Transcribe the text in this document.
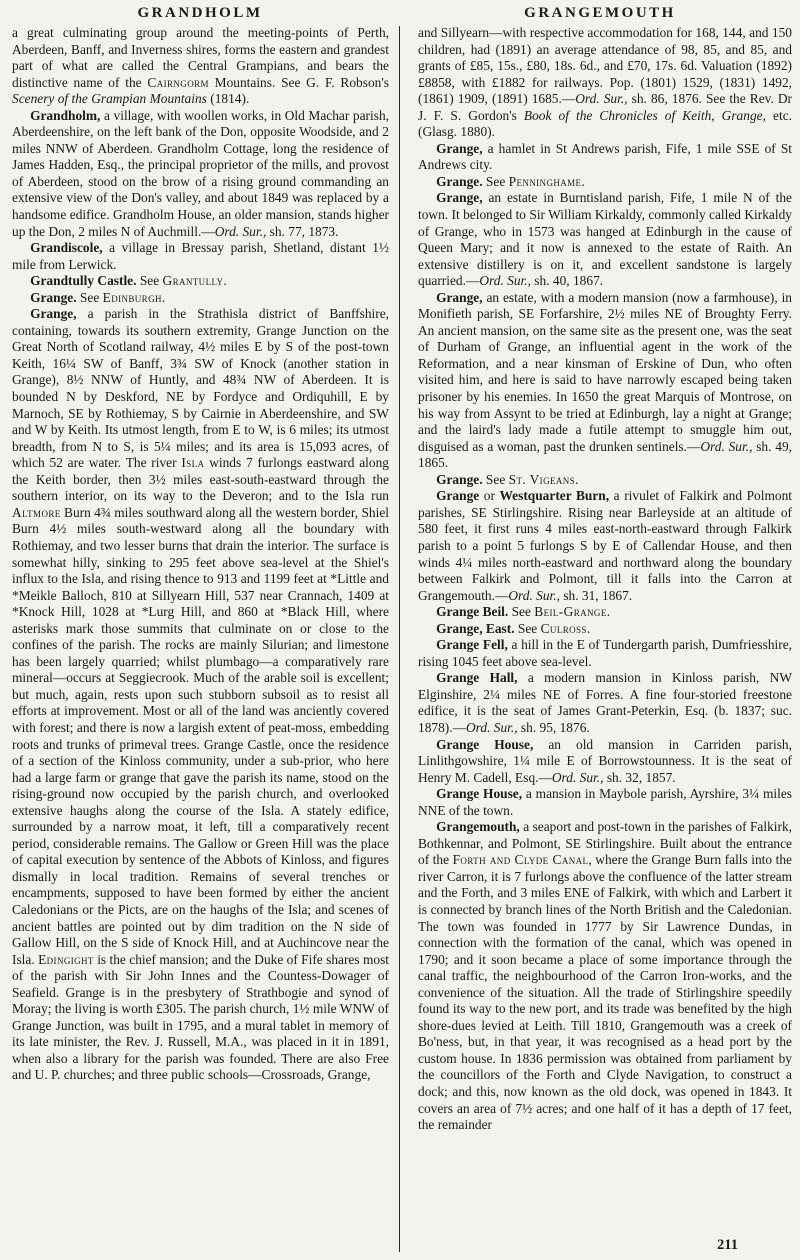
GRANDHOLM	GRANGEMOUTH

a great culminating group around the meeting-points of Perth, Aberdeen, Banff, and Inverness shires, forms the eastern and grandest part of what are called the Central Grampians, and bears the distinctive name of the Cairngorm Mountains. See G. F. Robson's Scenery of the Grampian Mountains (1814).

Grandholm, a village, with woollen works, in Old Machar parish, Aberdeenshire, on the left bank of the Don, opposite Woodside, and 2 miles NNW of Aberdeen. Grandholm Cottage, long the residence of James Hadden, Esq., the principal proprietor of the mills, and provost of Aberdeen, stood on the brow of a rising ground commanding an extensive view of the Don's valley, and about 1849 was replaced by a handsome edifice. Grandholm House, an older mansion, stands higher up the Don, 2 miles N of Auchmill.—Ord. Sur., sh. 77, 1873.

Grandiscole, a village in Bressay parish, Shetland, distant 1½ mile from Lerwick.

Grandtully Castle. See Grantully.

Grange. See Edinburgh.

Grange, a parish in the Strathisla district of Banffshire, containing, towards its southern extremity, Grange Junction on the Great North of Scotland railway, 4½ miles E by S of the post-town Keith, 16¼ SW of Banff, 3¾ SW of Knock (another station in Grange), 8½ NNW of Huntly, and 48¾ NW of Aberdeen. It is bounded N by Deskford, NE by Fordyce and Ordiquhill, E by Marnoch, SE by Rothiemay, S by Cairnie in Aberdeenshire, and SW and W by Keith. Its utmost length, from E to W, is 6 miles; its utmost breadth, from N to S, is 5¼ miles; and its area is 15,093 acres, of which 52 are water. The river Isla winds 7 furlongs eastward along the Keith border, then 3½ miles east-south-eastward through the southern interior, on its way to the Deveron; and to the Isla run Altmore Burn 4¾ miles southward along all the western border, Shiel Burn 4½ miles south-westward along all the boundary with Rothiemay, and two lesser burns that drain the interior. The surface is somewhat hilly, sinking to 295 feet above sea-level at the Shiel's influx to the Isla, and rising thence to 913 and 1199 feet at *Little and *Meikle Balloch, 810 at Sillyearn Hill, 537 near Crannach, 1409 at *Knock Hill, 1028 at *Lurg Hill, and 860 at *Black Hill, where asterisks mark those summits that culminate on or close to the confines of the parish. The rocks are mainly Silurian; and limestone has been largely quarried; whilst plumbago—a comparatively rare mineral—occurs at Seggiecrook. Much of the arable soil is excellent; but much, again, rests upon such stubborn subsoil as to resist all efforts at improvement. Most or all of the land was anciently covered with forest; and there is now a largish extent of peat-moss, embedding roots and trunks of primeval trees. Grange Castle, once the residence of a section of the Kinloss community, under a sub-prior, who here had a large farm or grange that gave the parish its name, stood on the rising-ground now occupied by the parish church, and overlooked extensive haughs along the course of the Isla. A stately edifice, surrounded by a narrow moat, it left, till a comparatively recent period, considerable remains. The Gallow or Green Hill was the place of capital execution by sentence of the Abbots of Kinloss, and figures dismally in local tradition. Remains of several trenches or encampments, supposed to have been formed by either the ancient Caledonians or the Picts, are on the haughs of the Isla; and scenes of ancient battles are pointed out by dim tradition on the N side of Gallow Hill, on the S side of Knock Hill, and at Auchincove near the Isla. Edingight is the chief mansion; and the Duke of Fife shares most of the parish with Sir John Innes and the Countess-Dowager of Seafield. Grange is in the presbytery of Strathbogie and synod of Moray; the living is worth £305. The parish church, 1½ mile WNW of Grange Junction, was built in 1795, and a mural tablet in memory of its late minister, the Rev. J. Russell, M.A., was placed in it in 1891, when also a library for the parish was founded. There are also Free and U. P. churches; and three public schools—Crossroads, Grange,

and Sillyearn—with respective accommodation for 168, 144, and 150 children, had (1891) an average attendance of 98, 85, and 85, and grants of £85, 15s., £80, 18s. 6d., and £70, 17s. 6d. Valuation (1892) £8858, with £1882 for railways. Pop. (1801) 1529, (1831) 1492, (1861) 1909, (1891) 1685.—Ord. Sur., sh. 86, 1876. See the Rev. Dr J. F. S. Gordon's Book of the Chronicles of Keith, Grange, etc. (Glasg. 1880).

Grange, a hamlet in St Andrews parish, Fife, 1 mile SSE of St Andrews city.

Grange. See Penninghame.

Grange, an estate in Burntisland parish, Fife, 1 mile N of the town. It belonged to Sir William Kirkaldy, commonly called Kirkaldy of Grange, who in 1573 was hanged at Edinburgh in the cause of Queen Mary; and it now is annexed to the estate of Raith. An extensive distillery is on it, and excellent sandstone is largely quarried.—Ord. Sur., sh. 40, 1867.

Grange, an estate, with a modern mansion (now a farmhouse), in Monifieth parish, SE Forfarshire, 2½ miles NE of Broughty Ferry. An ancient mansion, on the same site as the present one, was the seat of Durham of Grange, an influential agent in the work of the Reformation, and a near kinsman of Erskine of Dun, who often visited him, and here is said to have narrowly escaped being taken prisoner by his enemies. In 1650 the great Marquis of Montrose, on his way from Assynt to be tried at Edinburgh, lay a night at Grange; and the laird's lady made a futile attempt to smuggle him out, disguised as a woman, past the drunken sentinels.—Ord. Sur., sh. 49, 1865.

Grange. See St. Vigeans.

Grange or Westquarter Burn, a rivulet of Falkirk and Polmont parishes, SE Stirlingshire. Rising near Barleyside at an altitude of 580 feet, it first runs 4 miles east-north-eastward through Falkirk parish to a point 5 furlongs S by E of Callendar House, and then winds 4¼ miles north-eastward and northward along the boundary between Falkirk and Polmont, till it falls into the Carron at Grangemouth.—Ord. Sur., sh. 31, 1867.

Grange Beil. See Beil-Grange.

Grange, East. See Culross.

Grange Fell, a hill in the E of Tundergarth parish, Dumfriesshire, rising 1045 feet above sea-level.

Grange Hall, a modern mansion in Kinloss parish, NW Elginshire, 2¼ miles NE of Forres. A fine four-storied freestone edifice, it is the seat of James Grant-Peterkin, Esq. (b. 1837; suc. 1878).—Ord. Sur., sh. 95, 1876.

Grange House, an old mansion in Carriden parish, Linlithgowshire, 1¼ mile E of Borrowstounness. It is the seat of Henry M. Cadell, Esq.—Ord. Sur., sh. 32, 1857.

Grange House, a mansion in Maybole parish, Ayrshire, 3¼ miles NNE of the town.

Grangemouth, a seaport and post-town in the parishes of Falkirk, Bothkennar, and Polmont, SE Stirlingshire. Built about the entrance of the Forth and Clyde Canal, where the Grange Burn falls into the river Carron, it is 7 furlongs above the confluence of the latter stream and the Forth, and 3 miles ENE of Falkirk, with which and Larbert it is connected by branch lines of the North British and the Caledonian. The town was founded in 1777 by Sir Lawrence Dundas, in connection with the formation of the canal, which was opened in 1790; and it soon became a place of some importance through the canal traffic, the neighbourhood of the Carron Iron-works, and the convenience of the situation. All the trade of Stirlingshire speedily found its way to the new port, and its trade was benefited by the high shore-dues levied at Leith. Till 1810, Grangemouth was a creek of Bo'ness, but, in that year, it was recognised as a head port by the custom house. In 1836 permission was obtained from parliament by the councillors of the Forth and Clyde Navigation, to construct a dock; and this, now known as the old dock, was opened in 1843. It covers an area of 7½ acres; and one half of it has a depth of 17 feet, the remainder

211
